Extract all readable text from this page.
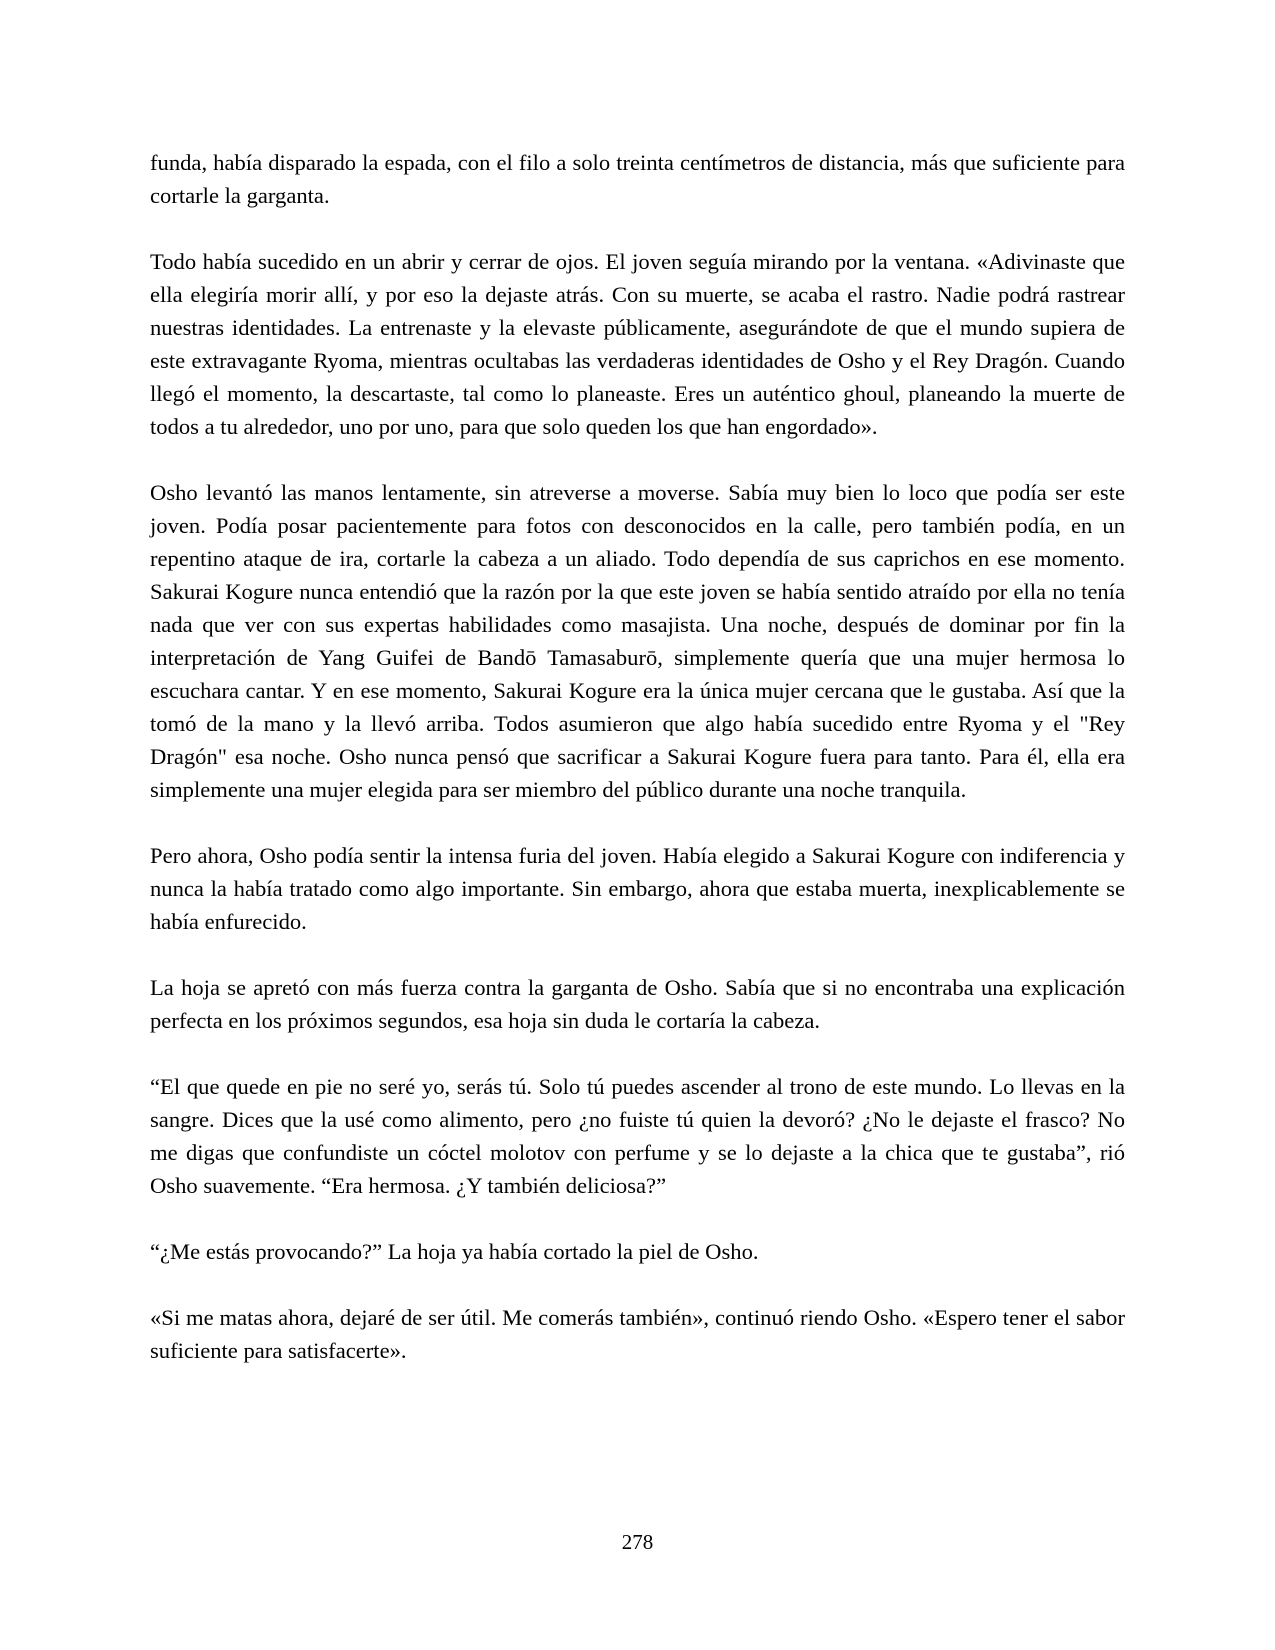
funda, había disparado la espada, con el filo a solo treinta centímetros de distancia, más que suficiente para cortarle la garganta.

Todo había sucedido en un abrir y cerrar de ojos. El joven seguía mirando por la ventana. «Adivinaste que ella elegiría morir allí, y por eso la dejaste atrás. Con su muerte, se acaba el rastro. Nadie podrá rastrear nuestras identidades. La entrenaste y la elevaste públicamente, asegurándote de que el mundo supiera de este extravagante Ryoma, mientras ocultabas las verdaderas identidades de Osho y el Rey Dragón. Cuando llegó el momento, la descartaste, tal como lo planeaste. Eres un auténtico ghoul, planeando la muerte de todos a tu alrededor, uno por uno, para que solo queden los que han engordado».

Osho levantó las manos lentamente, sin atreverse a moverse. Sabía muy bien lo loco que podía ser este joven. Podía posar pacientemente para fotos con desconocidos en la calle, pero también podía, en un repentino ataque de ira, cortarle la cabeza a un aliado. Todo dependía de sus caprichos en ese momento. Sakurai Kogure nunca entendió que la razón por la que este joven se había sentido atraído por ella no tenía nada que ver con sus expertas habilidades como masajista. Una noche, después de dominar por fin la interpretación de Yang Guifei de Bandō Tamasaburō, simplemente quería que una mujer hermosa lo escuchara cantar. Y en ese momento, Sakurai Kogure era la única mujer cercana que le gustaba. Así que la tomó de la mano y la llevó arriba. Todos asumieron que algo había sucedido entre Ryoma y el "Rey Dragón" esa noche. Osho nunca pensó que sacrificar a Sakurai Kogure fuera para tanto. Para él, ella era simplemente una mujer elegida para ser miembro del público durante una noche tranquila.

Pero ahora, Osho podía sentir la intensa furia del joven. Había elegido a Sakurai Kogure con indiferencia y nunca la había tratado como algo importante. Sin embargo, ahora que estaba muerta, inexplicablemente se había enfurecido.

La hoja se apretó con más fuerza contra la garganta de Osho. Sabía que si no encontraba una explicación perfecta en los próximos segundos, esa hoja sin duda le cortaría la cabeza.

“El que quede en pie no seré yo, serás tú. Solo tú puedes ascender al trono de este mundo. Lo llevas en la sangre. Dices que la usé como alimento, pero ¿no fuiste tú quien la devoró? ¿No le dejaste el frasco? No me digas que confundiste un cóctel molotov con perfume y se lo dejaste a la chica que te gustaba”, rió Osho suavemente. “Era hermosa. ¿Y también deliciosa?”

“¿Me estás provocando?” La hoja ya había cortado la piel de Osho.

«Si me matas ahora, dejaré de ser útil. Me comerás también», continuó riendo Osho. «Espero tener el sabor suficiente para satisfacerte».

278
